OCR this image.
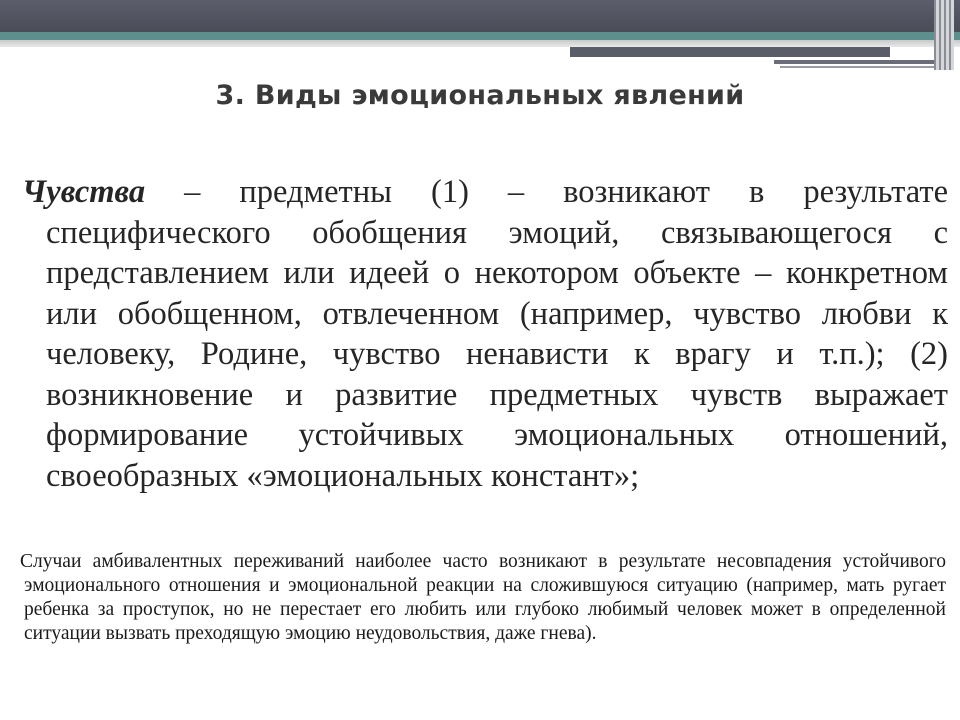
3. Виды эмоциональных явлений
Чувства – предметны (1) – возникают в результате специфического обобщения эмоций, связывающегося с представлением или идеей о некотором объекте – конкретном или обобщенном, отвлеченном (например, чувство любви к человеку, Родине, чувство ненависти к врагу и т.п.); (2) возникновение и развитие предметных чувств выражает формирование устойчивых эмоциональных отношений, своеобразных «эмоциональных констант»;
Случаи амбивалентных переживаний наиболее часто возникают в результате несовпадения устойчивого эмоционального отношения и эмоциональной реакции на сложившуюся ситуацию (например, мать ругает ребенка за проступок, но не перестает его любить или глубоко любимый человек может в определенной ситуации вызвать преходящую эмоцию неудовольствия, даже гнева).
